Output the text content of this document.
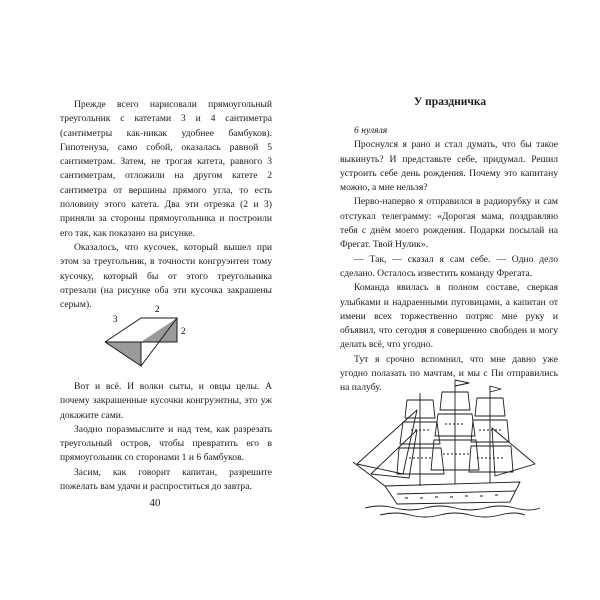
Прежде всего нарисовали прямоугольный треугольник с катетами 3 и 4 сантиметра (сантиметры как-никак удобнее бамбуков). Гипотенуза, само собой, оказалась равной 5 сантиметрам. Затем, не трогая катета, равного 3 сантиметрам, отложили на другом катете 2 сантиметра от вершины прямого угла, то есть половину этого катета. Два эти отрезка (2 и 3) приняли за стороны прямоугольника и построили его так, как показано на рисунке.

Оказалось, что кусочек, который вышел при этом за треугольник, в точности конгруэнтен тому кусочку, который бы от этого треугольника отрезали (на рисунке оба эти кусочка закрашены серым).

3
2
2

Вот и всё. И волки сыты, и овцы целы. А почему закрашенные кусочки конгруэнтны, это уж докажите сами.

Заодно поразмыслите и над тем, как разрезать треугольный остров, чтобы превратить его в прямоугольник со сторонами 1 и 6 бамбуков.

Засим, как говорит капитан, разрешите пожелать вам удачи и распроститься до завтра.

40
У праздничка

6 нуляля

Проснулся я рано и стал думать, что бы такое выкинуть? И представьте себе, придумал. Решил устроить себе день рождения. Почему это капитану можно, а мне нельзя?

Перво-наперво я отправился в радиорубку и сам отстукал телеграмму: «Дорогая мама, поздравляю тебя с днём моего рождения. Подарки посылай на Фрегат. Твой Нулик».

— Так, — сказал я сам себе. — Одно дело сделано. Осталось известить команду Фрегата.

Команда явилась в полном составе, сверкая улыбками и надраенными пуговицами, а капитан от имени всех торжественно потряс мне руку и объявил, что сегодня я совершенно свободен и могу делать всё, что угодно.

Тут я срочно вспомнил, что мне давно уже угодно полазать по мачтам, и мы с Пи отправились на палубу.
